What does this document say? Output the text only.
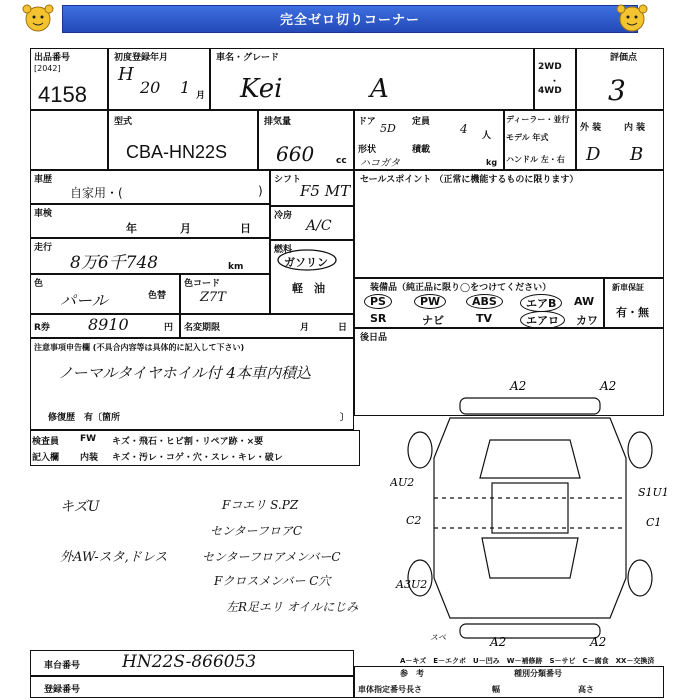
完全ゼロ切りコーナー
出品番号
[2042]
4158
初度登録年月
H
20 1 月
車名・グレード
Kei	A
2WD
・
4WD
評価点
3
型式
CBA-HN22S
排気量
660 cc
ドア 5D 定員 4 人
形状
ハコガタ
積載
kg
ディーラー・並行
モデル 年式
ハンドル 左・右
外 装	内 装
D B
車歴
自家用・(	)
車検
年	月	日
走行
8万6千748	km
色
パール	色替
色コード
Z7T
R券 8910	円 名変期限	月	日
シフト
F5 MT
冷房
A/C
燃料
ガソリン
軽　油
セールスポイント （正常に機能するものに限ります）
装備品（純正品に限り◯をつけてください）
PS	PW	ABS	エアB	AW
SR	ナビ	TV	エアロ	カワ
新車保証
有・無
後日品
注意事項申告欄 (不具合内容等は具体的に記入して下さい)
ノーマルタイヤホイル付 4本車内積込
修復歴　有〔箇所	〕
検査員
記入欄
FW
内装
キズ・飛石・ヒビ割・リペア跡・×要
キズ・汚レ・コゲ・穴・スレ・キレ・破レ
キズU
外AW-スタ,ドレス
Fコエリ S.PZ
センターフロアC
センターフロアメンバーC
Fクロスメンバー C穴
左R足エリ オイルにじみ
A2	A2
AU2
S1U1
C2	C1
A3U2
A2	A2
スペ
A－キズ　E－エクボ　U－凹み　W－補修跡　S－サビ　C－腐食　XX－交換済
車台番号 HN22S-866053
登録番号
参　考	種別分類番号
車体指定番号 長さ	幅	高さ
